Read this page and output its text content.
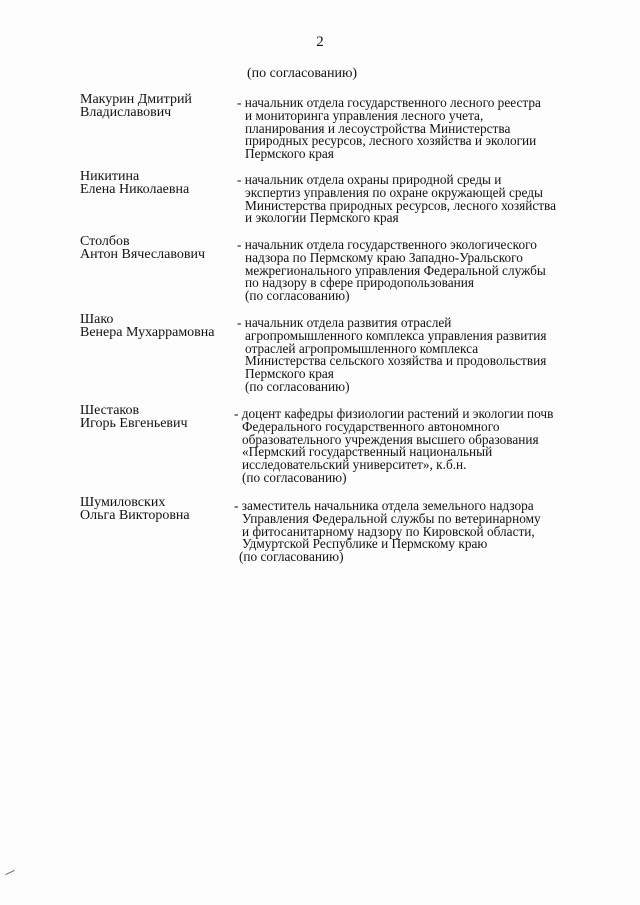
2
(по согласованию)
Макурин Дмитрий
Владиславович
- начальник отдела государственного лесного реестра
и мониторинга управления лесного учета,
планирования и лесоустройства Министерства
природных ресурсов, лесного хозяйства и экологии
Пермского края
Никитина
Елена Николаевна
- начальник отдела охраны природной среды и
экспертиз управления по охране окружающей среды
Министерства природных ресурсов, лесного хозяйства
и экологии Пермского края
Столбов
Антон Вячеславович
- начальник отдела государственного экологического
надзора по Пермскому краю Западно-Уральского
межрегионального управления Федеральной службы
по надзору в сфере природопользования
(по согласованию)
Шако
Венера Мухаррамовна
- начальник отдела развития отраслей
агропромышленного комплекса управления развития
отраслей агропромышленного комплекса
Министерства сельского хозяйства и продовольствия
Пермского края
(по согласованию)
Шестаков
Игорь Евгеньевич
- доцент кафедры физиологии растений и экологии почв
Федерального государственного автономного
образовательного учреждения высшего образования
«Пермский государственный национальный
исследовательский университет», к.б.н.
(по согласованию)
Шумиловских
Ольга Викторовна
- заместитель начальника отдела земельного надзора
Управления Федеральной службы по ветеринарному
и фитосанитарному надзору по Кировской области,
Удмуртской Республике и Пермскому краю
(по согласованию)
